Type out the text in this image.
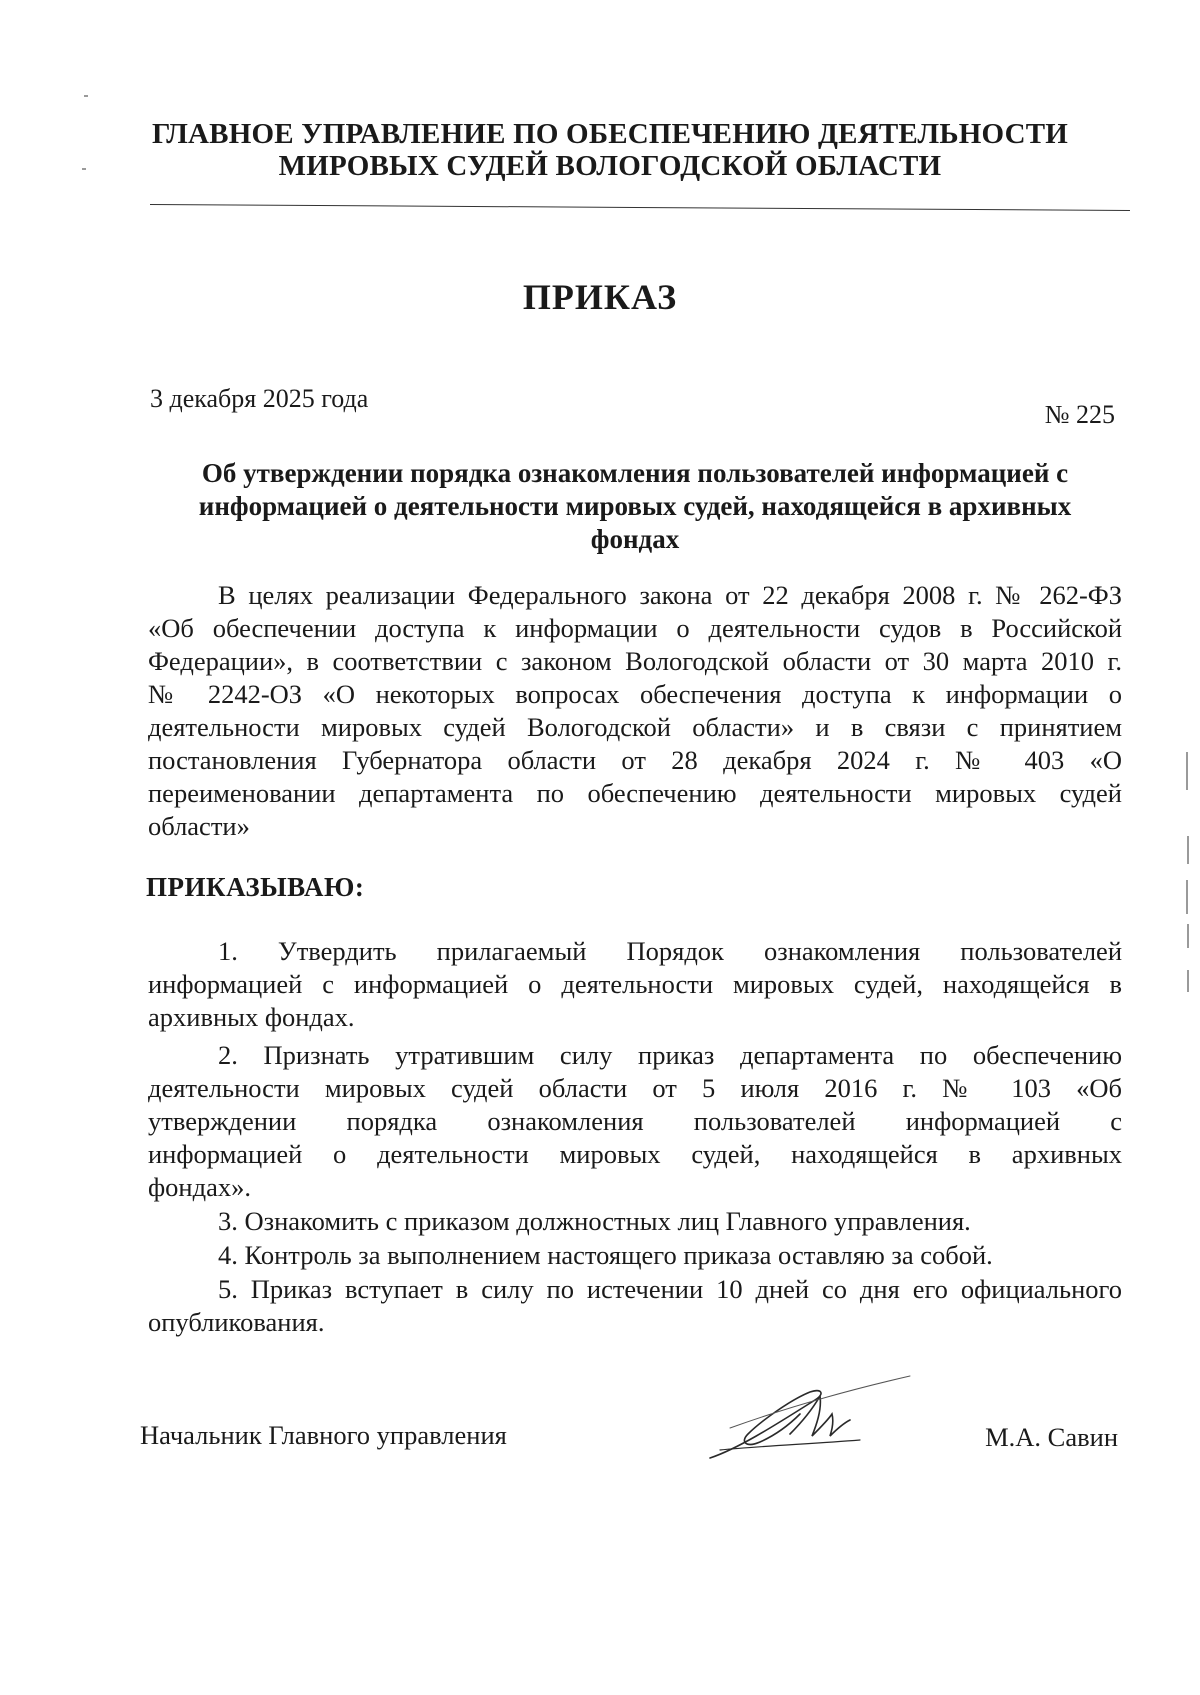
ГЛАВНОЕ УПРАВЛЕНИЕ ПО ОБЕСПЕЧЕНИЮ ДЕЯТЕЛЬНОСТИ
МИРОВЫХ СУДЕЙ ВОЛОГОДСКОЙ ОБЛАСТИ
ПРИКАЗ
3 декабря 2025 года
№ 225
Об утверждении порядка ознакомления пользователей информацией с
информацией о деятельности мировых судей, находящейся в архивных
фондах
В целях реализации Федерального закона от 22 декабря 2008 г. № 262-ФЗ
«Об обеспечении доступа к информации о деятельности судов в Российской
Федерации», в соответствии с законом Вологодской области от 30 марта 2010 г.
№ 2242-ОЗ «О некоторых вопросах обеспечения доступа к информации о
деятельности мировых судей Вологодской области» и в связи с принятием
постановления Губернатора области от 28 декабря 2024 г. № 403 «О
переименовании департамента по обеспечению деятельности мировых судей
области»
ПРИКАЗЫВАЮ:
1. Утвердить прилагаемый Порядок ознакомления пользователей
информацией с информацией о деятельности мировых судей, находящейся в
архивных фондах.
2. Признать утратившим силу приказ департамента по обеспечению
деятельности мировых судей области от 5 июля 2016 г. № 103 «Об
утверждении порядка ознакомления пользователей информацией с
информацией о деятельности мировых судей, находящейся в архивных
фондах».
3. Ознакомить с приказом должностных лиц Главного управления.
4. Контроль за выполнением настоящего приказа оставляю за собой.
5. Приказ вступает в силу по истечении 10 дней со дня его официального
опубликования.
Начальник Главного управления	М.А. Савин
